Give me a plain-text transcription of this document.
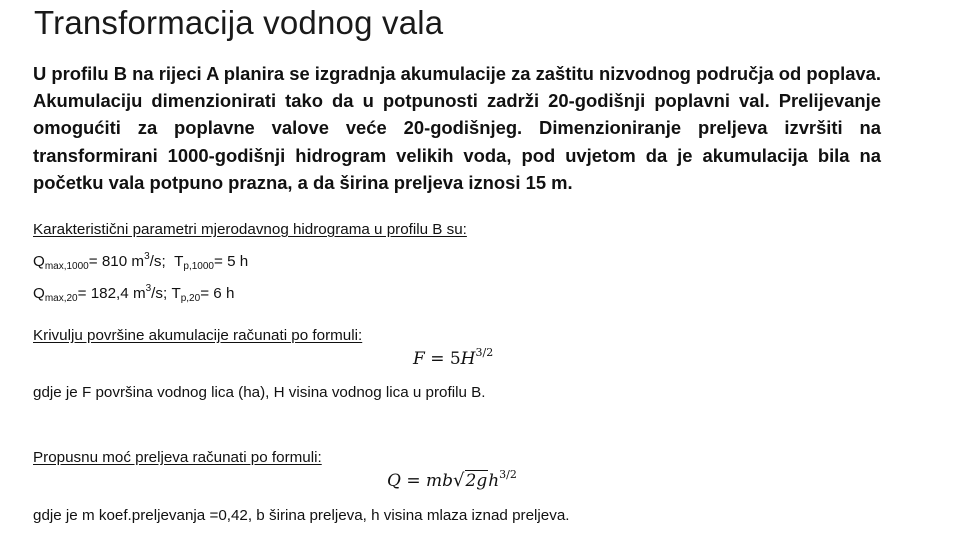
Transformacija vodnog vala
U profilu B na rijeci A planira se izgradnja akumulacije za zaštitu nizvodnog područja od poplava. Akumulaciju dimenzionirati tako da u potpunosti zadrži 20-godišnji poplavni val. Prelijevanje omogućiti za poplavne valove veće 20-godišnjeg. Dimenzioniranje preljeva izvršiti na transformirani 1000-godišnji hidrogram velikih voda, pod uvjetom da je akumulacija bila na početku vala potpuno prazna, a da širina preljeva iznosi 15 m.
Karakteristični parametri mjerodavnog hidrograma u profilu B su:
$Q_{max,1000}= 810$ $m^3/s$; $T_{p,1000}= 5$ h
$Q_{max,20}= 182,4$ $m^3/s$; $T_{p,20}= 6$ h
Krivulju površine akumulacije računati po formuli:
$F = 5H^{3/2}$
gdje je F površina vodnog lica (ha), H visina vodnog lica u profilu B.
Propusnu moć preljeva računati po formuli:
$Q = mb√2gh^{3/2}$
gdje je m koef.preljevanja =0,42, b širina preljeva, h visina mlaza iznad preljeva.
